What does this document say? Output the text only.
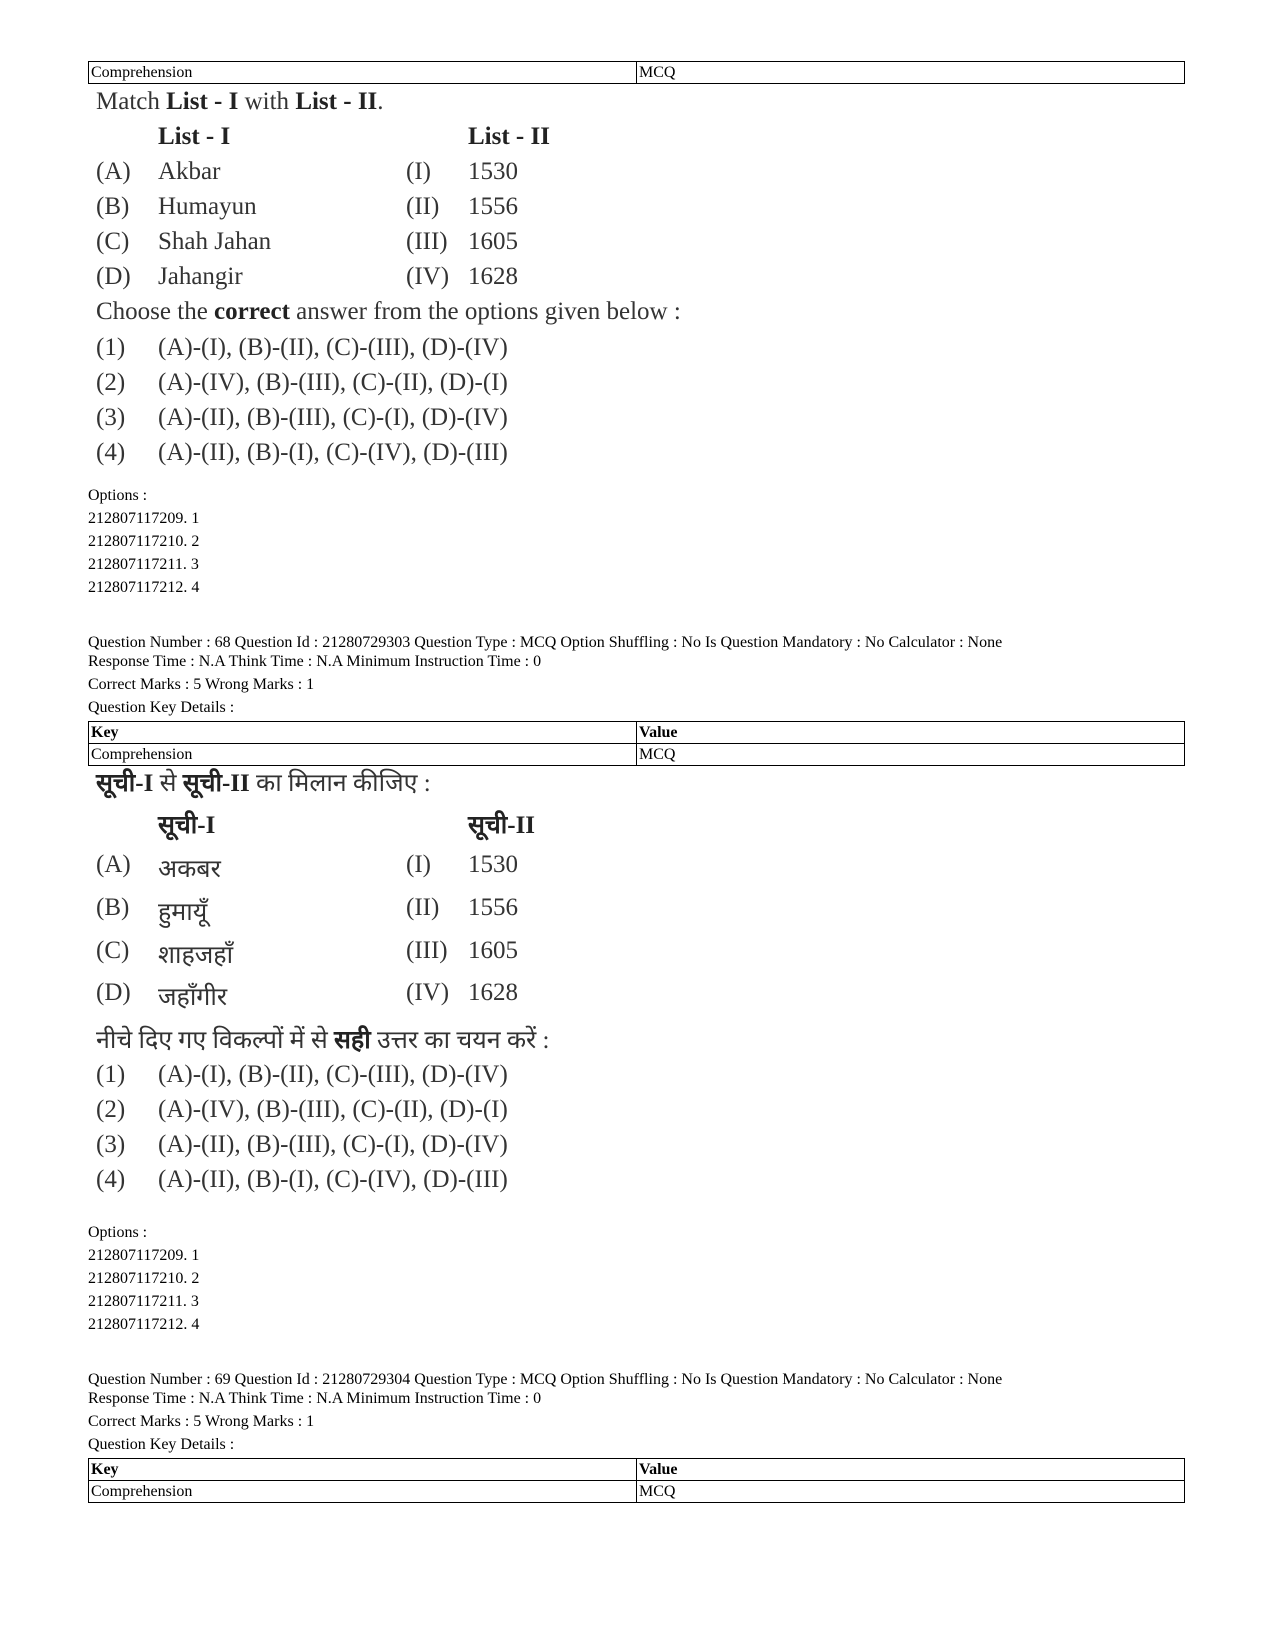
Comprehension	MCQ
Match List - I with List - II.
List - I	List - II
(A) Akbar	(I) 1530
(B) Humayun	(II) 1556
(C) Shah Jahan	(III) 1605
(D) Jahangir	(IV) 1628
Choose the correct answer from the options given below :
(1) (A)-(I), (B)-(II), (C)-(III), (D)-(IV)
(2) (A)-(IV), (B)-(III), (C)-(II), (D)-(I)
(3) (A)-(II), (B)-(III), (C)-(I), (D)-(IV)
(4) (A)-(II), (B)-(I), (C)-(IV), (D)-(III)
Options :
212807117209. 1
212807117210. 2
212807117211. 3
212807117212. 4
Question Number : 68 Question Id : 21280729303 Question Type : MCQ Option Shuffling : No Is Question Mandatory : No Calculator : None
Response Time : N.A Think Time : N.A Minimum Instruction Time : 0
Correct Marks : 5 Wrong Marks : 1
Question Key Details :
Key	Value
Comprehension	MCQ
सूची-I से सूची-II का मिलान कीजिए :
सूची-I	सूची-II
(A) अकबर	(I) 1530
(B) हुमायूँ	(II) 1556
(C) शाहजहाँ	(III) 1605
(D) जहाँगीर	(IV) 1628
नीचे दिए गए विकल्पों में से सही उत्तर का चयन करें :
(1) (A)-(I), (B)-(II), (C)-(III), (D)-(IV)
(2) (A)-(IV), (B)-(III), (C)-(II), (D)-(I)
(3) (A)-(II), (B)-(III), (C)-(I), (D)-(IV)
(4) (A)-(II), (B)-(I), (C)-(IV), (D)-(III)
Options :
212807117209. 1
212807117210. 2
212807117211. 3
212807117212. 4
Question Number : 69 Question Id : 21280729304 Question Type : MCQ Option Shuffling : No Is Question Mandatory : No Calculator : None
Response Time : N.A Think Time : N.A Minimum Instruction Time : 0
Correct Marks : 5 Wrong Marks : 1
Question Key Details :
Key	Value
Comprehension	MCQ
